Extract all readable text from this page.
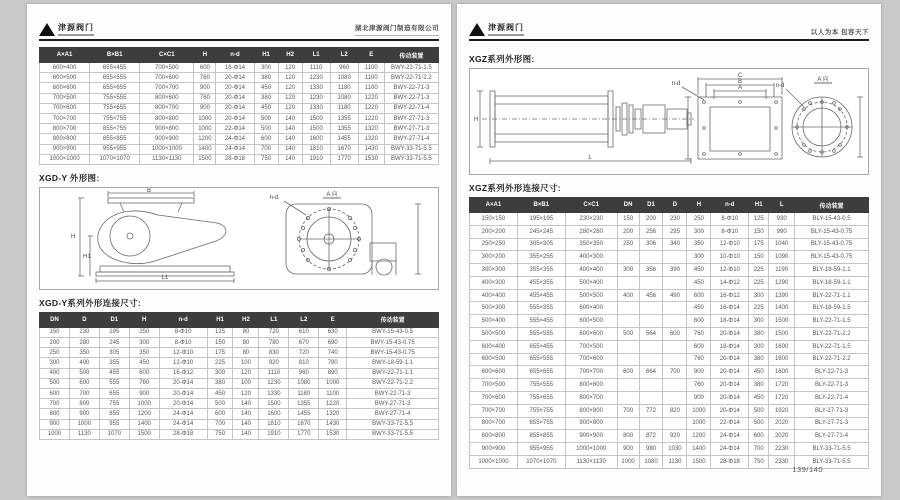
津源阀门	湖北津源阀门制造有限公司
A×A1	B×B1	C×C1	H	n-d	H1	H2	L1	L2	E	传动装置
600×400	655×455	700×500	600	18-Φ14	300	120	1110	960	1100	BWY-22-71-1.5
600×500	655×555	700×600	760	20-Φ14	380	120	1230	1080	1100	BWY-22-71-2.2
600×600	655×655	700×700	900	20-Φ14	450	120	1330	1180	1100	BWY-22-71-3
700×500	755×555	800×600	760	20-Φ14	380	120	1230	1080	1220	BWY-22-71-3
700×600	755×655	800×700	900	20-Φ14	450	120	1330	1180	1220	BWY-22-71-4
700×700	755×755	800×800	1000	20-Φ14	500	140	1500	1355	1220	BWY-27-71-3
800×700	855×755	900×800	1000	22-Φ14	500	140	1500	1355	1320	BWY-27-71-3
800×800	855×855	900×900	1200	24-Φ14	600	140	1600	1455	1320	BWY-27-71-4
900×900	955×955	1000×1000	1400	24-Φ14	700	140	1810	1670	1430	BWY-33-71-5.5
1000×1000	1070×1070	1130×1130	1500	28-Φ18	750	140	1910	1770	1530	BWY-33-71-5.5
XGD-Y 外形图:
B
H
H1
L1
A 向
n-d
XGD-Y系列外形连接尺寸:
DN	D	D1	H	n-d	H1	H2	L1	L2	E	传动装置
150	230	195	250	8-Φ10	125	80	720	610	630	BWY-15-43-0.5
200	280	245	300	8-Φ10	150	80	780	670	690	BWY-15-43-0.75
250	350	305	350	12-Φ10	175	80	830	720	740	BWY-15-43-0.75
300	400	355	450	12-Φ10	225	100	920	810	790	BWY-18-59-1.1
400	500	455	600	16-Φ12	300	120	1110	960	890	BWY-22-71-1.1
500	600	555	760	20-Φ14	380	100	1230	1080	1000	BWY-22-71-2.2
600	700	655	900	20-Φ14	450	120	1330	1180	1100	BWY-22-71-3
700	800	755	1000	20-Φ14	500	140	1500	1355	1220	BWY-27-71-3
800	900	855	1200	24-Φ14	600	140	1600	1455	1320	BWY-27-71-4
900	1000	955	1400	24-Φ14	700	140	1810	1670	1430	BWY-33-71-5.5
1000	1130	1070	1500	28-Φ18	750	140	1910	1770	1530	BWY-33-71-5.5
津源阀门
以人为本 包容天下
XGZ系列外形图:
H
L
C
B
A
n-d
A 向
n-d
XGZ系列外形连接尺寸:
A×A1	B×B1	C×C1	DN	D1	D	H	n-d	H1	L	传动装置
150×150	195×195	230×230	150	200	230	250	8-Φ10	125	930	BLY-15-43-0.5
200×200	245×245	280×280	200	256	295	300	8-Φ10	150	990	BLY-15-43-0.75
250×250	305×305	350×350	250	306	340	350	12-Φ10	175	1040	BLY-15-43-0.75
300×200	355×255	400×300				300	10-Φ10	150	1090	BLY-15-43-0.75
300×300	355×355	400×400	300	356	390	450	12-Φ10	225	1190	BLY-18-59-1.1
400×300	455×355	500×400				450	14-Φ12	225	1290	BLY-18-59-1.1
400×400	455×455	500×500	400	456	490	600	16-Φ12	300	1390	BLY-22-71-1.1
500×300	555×355	600×400				450	16-Φ14	225	1400	BLY-18-59-1.5
500×400	555×455	600×500				600	18-Φ14	300	1500	BLY-22-71-1.5
500×500	555×555	600×600	500	564	600	760	20-Φ14	380	1500	BLY-22-71-2.2
600×400	655×455	700×500				600	18-Φ14	300	1600	BLY-22-71-1.5
600×500	655×555	700×600				760	20-Φ14	380	1600	BLY-22-71-2.2
600×600	655×655	700×700	600	664	700	900	20-Φ14	450	1600	BLY-22-71-3
700×500	755×555	800×600				760	20-Φ14	380	1720	BLY-22-71-3
700×600	755×655	800×700				900	20-Φ14	450	1720	BLY-22-71-4
700×700	755×755	800×800	700	772	820	1000	20-Φ14	500	1920	BLY-27-71-3
800×700	855×755	900×800				1000	22-Φ14	500	2020	BLY-27-71-3
800×800	855×855	900×900	800	872	920	1200	24-Φ14	600	2020	BLY-27-71-4
900×900	955×955	1000×1000	900	980	1030	1400	24-Φ14	700	2230	BLY-33-71-5.5
1000×1000	1070×1070	1130×1130	1000	1080	1130	1500	28-Φ18	750	2330	BLY-33-71-5.5
139/140
